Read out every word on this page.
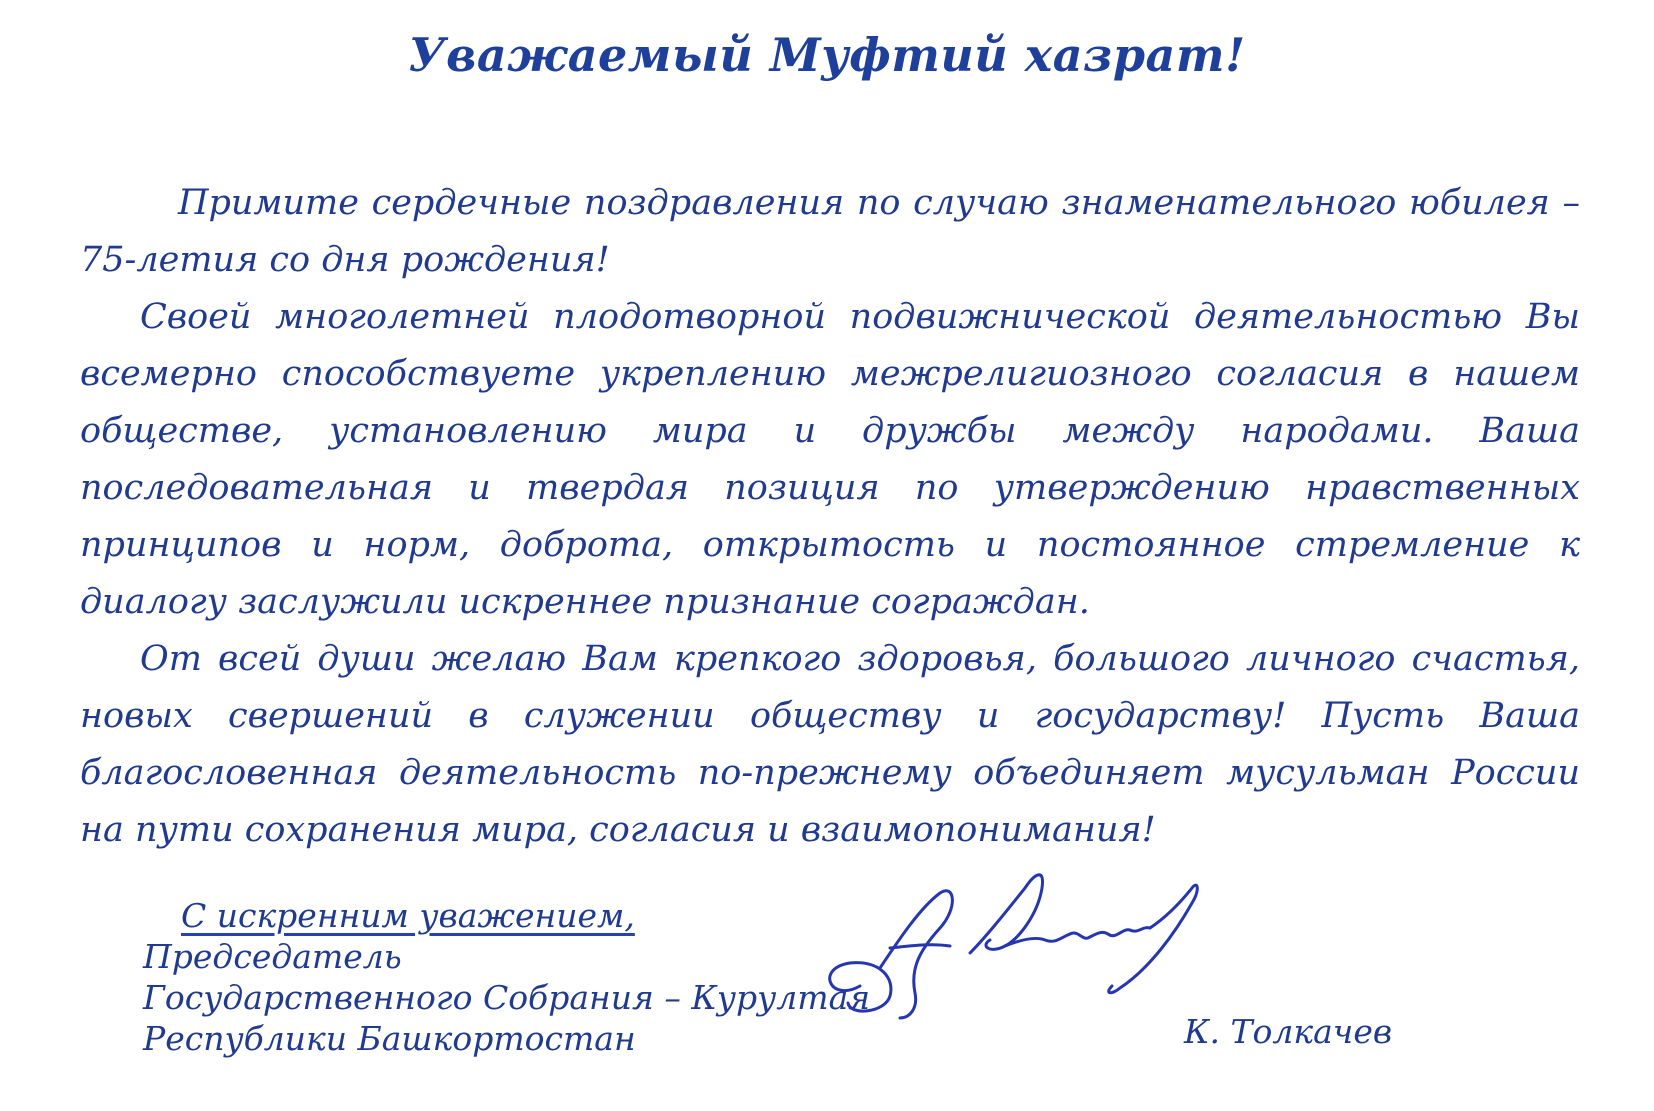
Уважаемый Муфтий хазрат!

Примите сердечные поздравления по случаю знаменательного юбилея – 75-летия со дня рождения!

Своей многолетней плодотворной подвижнической деятельностью Вы всемерно способствуете укреплению межрелигиозного согласия в нашем обществе, установлению мира и дружбы между народами. Ваша последовательная и твердая позиция по утверждению нравственных принципов и норм, доброта, открытость и постоянное стремление к диалогу заслужили искреннее признание сограждан.

От всей души желаю Вам крепкого здоровья, большого личного счастья, новых свершений в служении обществу и государству! Пусть Ваша благословенная деятельность по-прежнему объединяет мусульман России на пути сохранения мира, согласия и взаимопонимания!

С искренним уважением,
Председатель
Государственного Собрания – Курултая
Республики Башкортостан	К. Толкачев
